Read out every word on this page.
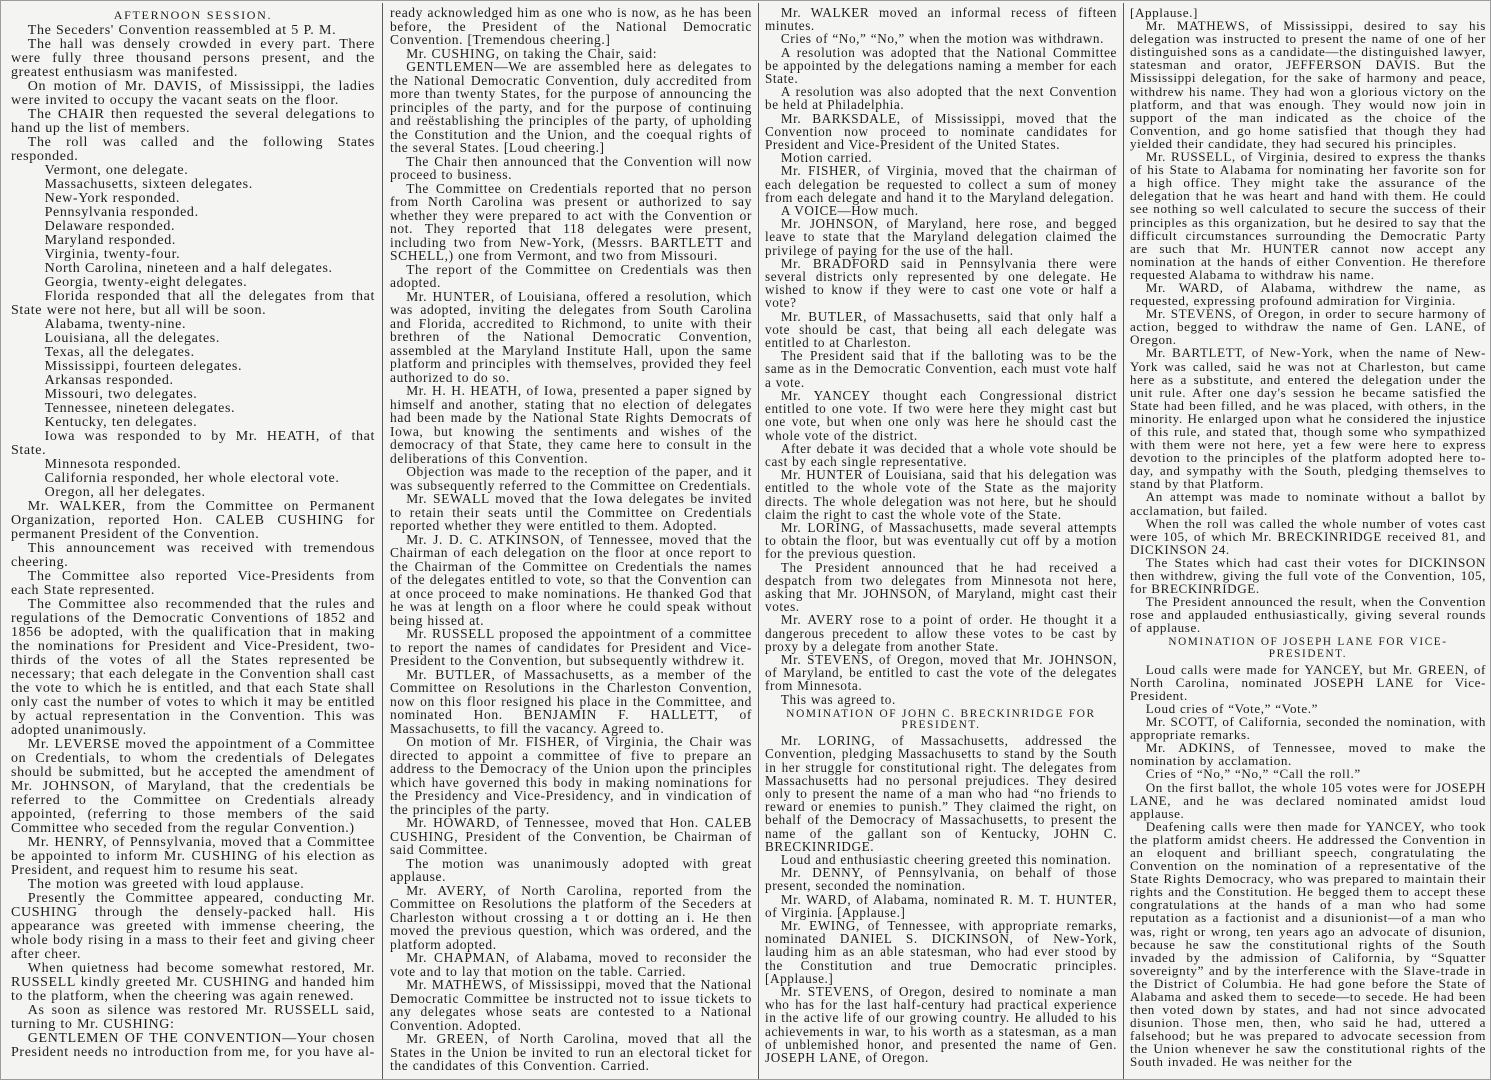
AFTERNOON SESSION.

The Seceders' Convention reassembled at 5 P. M.

The hall was densely crowded in every part. There were fully three thousand persons present, and the greatest enthusiasm was manifested.

On motion of Mr. DAVIS, of Mississippi, the ladies were invited to occupy the vacant seats on the floor.

The CHAIR then requested the several delegations to hand up the list of members.

The roll was called and the following States responded.

Vermont, one delegate.

Massachusetts, sixteen delegates.

New-York responded.

Pennsylvania responded.

Delaware responded.

Maryland responded.

Virginia, twenty-four.

North Carolina, nineteen and a half delegates.

Georgia, twenty-eight delegates.

Florida responded that all the delegates from that State were not here, but all will be soon.

Alabama, twenty-nine.

Louisiana, all the delegates.

Texas, all the delegates.

Mississippi, fourteen delegates.

Arkansas responded.

Missouri, two delegates.

Tennessee, nineteen delegates.

Kentucky, ten delegates.

Iowa was responded to by Mr. HEATH, of that State.

Minnesota responded.

California responded, her whole electoral vote.

Oregon, all her delegates.

Mr. WALKER, from the Committee on Permanent Organization, reported Hon. CALEB CUSHING for permanent President of the Convention.

This announcement was received with tremendous cheering.

The Committee also reported Vice-Presidents from each State represented.

The Committee also recommended that the rules and regulations of the Democratic Conventions of 1852 and 1856 be adopted, with the qualification that in making the nominations for President and Vice-President, two-thirds of the votes of all the States represented be necessary; that each delegate in the Convention shall cast the vote to which he is entitled, and that each State shall only cast the number of votes to which it may be entitled by actual representation in the Convention. This was adopted unanimously.

Mr. LEVERSE moved the appointment of a Committee on Credentials, to whom the credentials of Delegates should be submitted, but he accepted the amendment of Mr. JOHNSON, of Maryland, that the credentials be referred to the Committee on Credentials already appointed, (referring to those members of the said Committee who seceded from the regular Convention.)

Mr. HENRY, of Pennsylvania, moved that a Committee be appointed to inform Mr. CUSHING of his election as President, and request him to resume his seat.

The motion was greeted with loud applause.

Presently the Committee appeared, conducting Mr. CUSHING through the densely-packed hall. His appearance was greeted with immense cheering, the whole body rising in a mass to their feet and giving cheer after cheer.

When quietness had become somewhat restored, Mr. RUSSELL kindly greeted Mr. CUSHING and handed him to the platform, when the cheering was again renewed.

As soon as silence was restored Mr. RUSSELL said, turning to Mr. CUSHING:

GENTLEMEN OF THE CONVENTION—Your chosen President needs no introduction from me, for you have al-

ready acknowledged him as one who is now, as he has been before, the President of the National Democratic Convention. [Tremendous cheering.]

Mr. CUSHING, on taking the Chair, said:

GENTLEMEN—We are assembled here as delegates to the National Democratic Convention, duly accredited from more than twenty States, for the purpose of announcing the principles of the party, and for the purpose of continuing and reëstablishing the principles of the party, of upholding the Constitution and the Union, and the coequal rights of the several States. [Loud cheering.]

The Chair then announced that the Convention will now proceed to business.

The Committee on Credentials reported that no person from North Carolina was present or authorized to say whether they were prepared to act with the Convention or not. They reported that 118 delegates were present, including two from New-York, (Messrs. BARTLETT and SCHELL,) one from Vermont, and two from Missouri.

The report of the Committee on Credentials was then adopted.

Mr. HUNTER, of Louisiana, offered a resolution, which was adopted, inviting the delegates from South Carolina and Florida, accredited to Richmond, to unite with their brethren of the National Democratic Convention, assembled at the Maryland Institute Hall, upon the same platform and principles with themselves, provided they feel authorized to do so.

Mr. H. H. HEATH, of Iowa, presented a paper signed by himself and another, stating that no election of delegates had been made by the National State Rights Democrats of Iowa, but knowing the sentiments and wishes of the democracy of that State, they came here to consult in the deliberations of this Convention.

Objection was made to the reception of the paper, and it was subsequently referred to the Committee on Credentials.

Mr. SEWALL moved that the Iowa delegates be invited to retain their seats until the Committee on Credentials reported whether they were entitled to them. Adopted.

Mr. J. D. C. ATKINSON, of Tennessee, moved that the Chairman of each delegation on the floor at once report to the Chairman of the Committee on Credentials the names of the delegates entitled to vote, so that the Convention can at once proceed to make nominations. He thanked God that he was at length on a floor where he could speak without being hissed at.

Mr. RUSSELL proposed the appointment of a committee to report the names of candidates for President and Vice-President to the Convention, but subsequently withdrew it.

Mr. BUTLER, of Massachusetts, as a member of the Committee on Resolutions in the Charleston Convention, now on this floor resigned his place in the Committee, and nominated Hon. BENJAMIN F. HALLETT, of Massachusetts, to fill the vacancy. Agreed to.

On motion of Mr. FISHER, of Virginia, the Chair was directed to appoint a committee of five to prepare an address to the Democracy of the Union upon the principles which have governed this body in making nominations for the Presidency and Vice-Presidency, and in vindication of the principles of the party.

Mr. HOWARD, of Tennessee, moved that Hon. CALEB CUSHING, President of the Convention, be Chairman of said Committee.

The motion was unanimously adopted with great applause.

Mr. AVERY, of North Carolina, reported from the Committee on Resolutions the platform of the Seceders at Charleston without crossing a t or dotting an i. He then moved the previous question, which was ordered, and the platform adopted.

Mr. CHAPMAN, of Alabama, moved to reconsider the vote and to lay that motion on the table. Carried.

Mr. MATHEWS, of Mississippi, moved that the National Democratic Committee be instructed not to issue tickets to any delegates whose seats are contested to a National Convention. Adopted.

Mr. GREEN, of North Carolina, moved that all the States in the Union be invited to run an electoral ticket for the candidates of this Convention. Carried.

Mr. WALKER moved an informal recess of fifteen minutes.

Cries of “No,” “No,” when the motion was withdrawn.

A resolution was adopted that the National Committee be appointed by the delegations naming a member for each State.

A resolution was also adopted that the next Convention be held at Philadelphia.

Mr. BARKSDALE, of Mississippi, moved that the Convention now proceed to nominate candidates for President and Vice-President of the United States.

Motion carried.

Mr. FISHER, of Virginia, moved that the chairman of each delegation be requested to collect a sum of money from each delegate and hand it to the Maryland delegation.

A VOICE—How much.

Mr. JOHNSON, of Maryland, here rose, and begged leave to state that the Maryland delegation claimed the privilege of paying for the use of the hall.

Mr. BRADFORD said in Pennsylvania there were several districts only represented by one delegate. He wished to know if they were to cast one vote or half a vote?

Mr. BUTLER, of Massachusetts, said that only half a vote should be cast, that being all each delegate was entitled to at Charleston.

The President said that if the balloting was to be the same as in the Democratic Convention, each must vote half a vote.

Mr. YANCEY thought each Congressional district entitled to one vote. If two were here they might cast but one vote, but when one only was here he should cast the whole vote of the district.

After debate it was decided that a whole vote should be cast by each single representative.

Mr. HUNTER of Louisiana, said that his delegation was entitled to the whole vote of the State as the majority directs. The whole delegation was not here, but he should claim the right to cast the whole vote of the State.

Mr. LORING, of Massachusetts, made several attempts to obtain the floor, but was eventually cut off by a motion for the previous question.

The President announced that he had received a despatch from two delegates from Minnesota not here, asking that Mr. JOHNSON, of Maryland, might cast their votes.

Mr. AVERY rose to a point of order. He thought it a dangerous precedent to allow these votes to be cast by proxy by a delegate from another State.

Mr. STEVENS, of Oregon, moved that Mr. JOHNSON, of Maryland, be entitled to cast the vote of the delegates from Minnesota.

This was agreed to.

NOMINATION OF JOHN C. BRECKINRIDGE FOR PRESIDENT.

Mr. LORING, of Massachusetts, addressed the Convention, pledging Massachusetts to stand by the South in her struggle for constitutional right. The delegates from Massachusetts had no personal prejudices. They desired only to present the name of a man who had “no friends to reward or enemies to punish.” They claimed the right, on behalf of the Democracy of Massachusetts, to present the name of the gallant son of Kentucky, JOHN C. BRECKINRIDGE.

Loud and enthusiastic cheering greeted this nomination.

Mr. DENNY, of Pennsylvania, on behalf of those present, seconded the nomination.

Mr. WARD, of Alabama, nominated R. M. T. HUNTER, of Virginia. [Applause.]

Mr. EWING, of Tennessee, with appropriate remarks, nominated DANIEL S. DICKINSON, of New-York, lauding him as an able statesman, who had ever stood by the Constitution and true Democratic principles. [Applause.]

Mr. STEVENS, of Oregon, desired to nominate a man who has for the last half-century had practical experience in the active life of our growing country. He alluded to his achievements in war, to his worth as a statesman, as a man of unblemished honor, and presented the name of Gen. JOSEPH LANE, of Oregon.

[Applause.]

Mr. MATHEWS, of Mississippi, desired to say his delegation was instructed to present the name of one of her distinguished sons as a candidate—the distinguished lawyer, statesman and orator, JEFFERSON DAVIS. But the Mississippi delegation, for the sake of harmony and peace, withdrew his name. They had won a glorious victory on the platform, and that was enough. They would now join in support of the man indicated as the choice of the Convention, and go home satisfied that though they had yielded their candidate, they had secured his principles.

Mr. RUSSELL, of Virginia, desired to express the thanks of his State to Alabama for nominating her favorite son for a high office. They might take the assurance of the delegation that he was heart and hand with them. He could see nothing so well calculated to secure the success of their principles as this organization, but he desired to say that the difficult circumstances surrounding the Democratic Party are such that Mr. HUNTER cannot now accept any nomination at the hands of either Convention. He therefore requested Alabama to withdraw his name.

Mr. WARD, of Alabama, withdrew the name, as requested, expressing profound admiration for Virginia.

Mr. STEVENS, of Oregon, in order to secure harmony of action, begged to withdraw the name of Gen. LANE, of Oregon.

Mr. BARTLETT, of New-York, when the name of New-York was called, said he was not at Charleston, but came here as a substitute, and entered the delegation under the unit rule. After one day's session he became satisfied the State had been filled, and he was placed, with others, in the minority. He enlarged upon what he considered the injustice of this rule, and stated that, though some who sympathized with them were not here, yet a few were here to express devotion to the principles of the platform adopted here to-day, and sympathy with the South, pledging themselves to stand by that Platform.

An attempt was made to nominate without a ballot by acclamation, but failed.

When the roll was called the whole number of votes cast were 105, of which Mr. BRECKINRIDGE received 81, and DICKINSON 24.

The States which had cast their votes for DICKINSON then withdrew, giving the full vote of the Convention, 105, for BRECKINRIDGE.

The President announced the result, when the Convention rose and applauded enthusiastically, giving several rounds of applause.

NOMINATION OF JOSEPH LANE FOR VICE-PRESIDENT.

Loud calls were made for YANCEY, but Mr. GREEN, of North Carolina, nominated JOSEPH LANE for Vice-President.

Loud cries of “Vote,” “Vote.”

Mr. SCOTT, of California, seconded the nomination, with appropriate remarks.

Mr. ADKINS, of Tennessee, moved to make the nomination by acclamation.

Cries of “No,” “No,” “Call the roll.”

On the first ballot, the whole 105 votes were for JOSEPH LANE, and he was declared nominated amidst loud applause.

Deafening calls were then made for YANCEY, who took the platform amidst cheers. He addressed the Convention in an eloquent and brilliant speech, congratulating the Convention on the nomination of a representative of the State Rights Democracy, who was prepared to maintain their rights and the Constitution. He begged them to accept these congratulations at the hands of a man who had some reputation as a factionist and a disunionist—of a man who was, right or wrong, ten years ago an advocate of disunion, because he saw the constitutional rights of the South invaded by the admission of California, by “Squatter sovereignty” and by the interference with the Slave-trade in the District of Columbia. He had gone before the State of Alabama and asked them to secede—to secede. He had been then voted down by states, and had not since advocated disunion. Those men, then, who said he had, uttered a falsehood; but he was prepared to advocate secession from the Union whenever he saw the constitutional rights of the South invaded. He was neither for the
